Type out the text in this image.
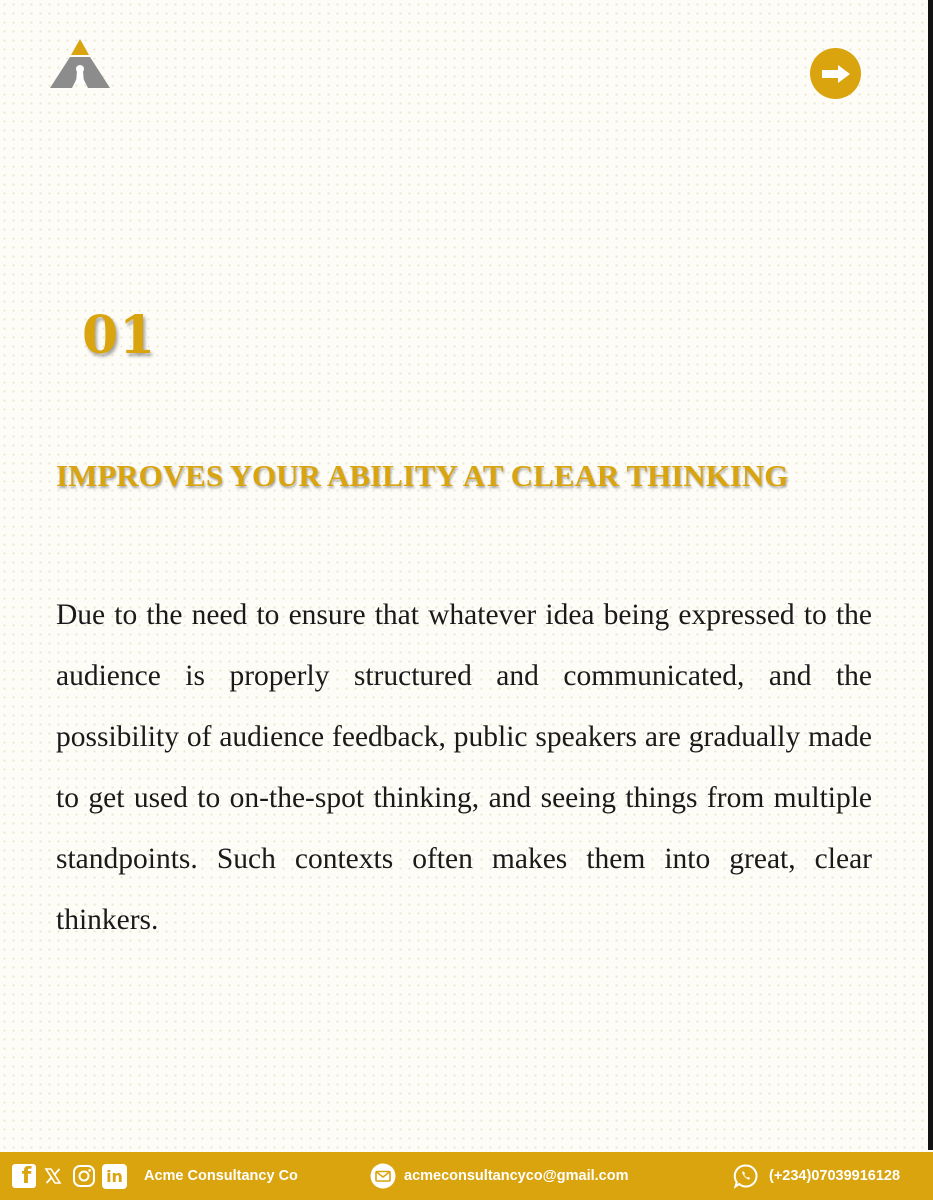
01
IMPROVES YOUR ABILITY AT CLEAR THINKING

Due to the need to ensure that whatever idea being expressed to the audience is properly structured and communicated, and the possibility of audience feedback, public speakers are gradually made to get used to on-the-spot thinking, and seeing things from multiple standpoints. Such contexts often makes them into great, clear thinkers.

f	in Acme Consultancy Co	acmeconsultancyco@gmail.com	(+234)07039916128
